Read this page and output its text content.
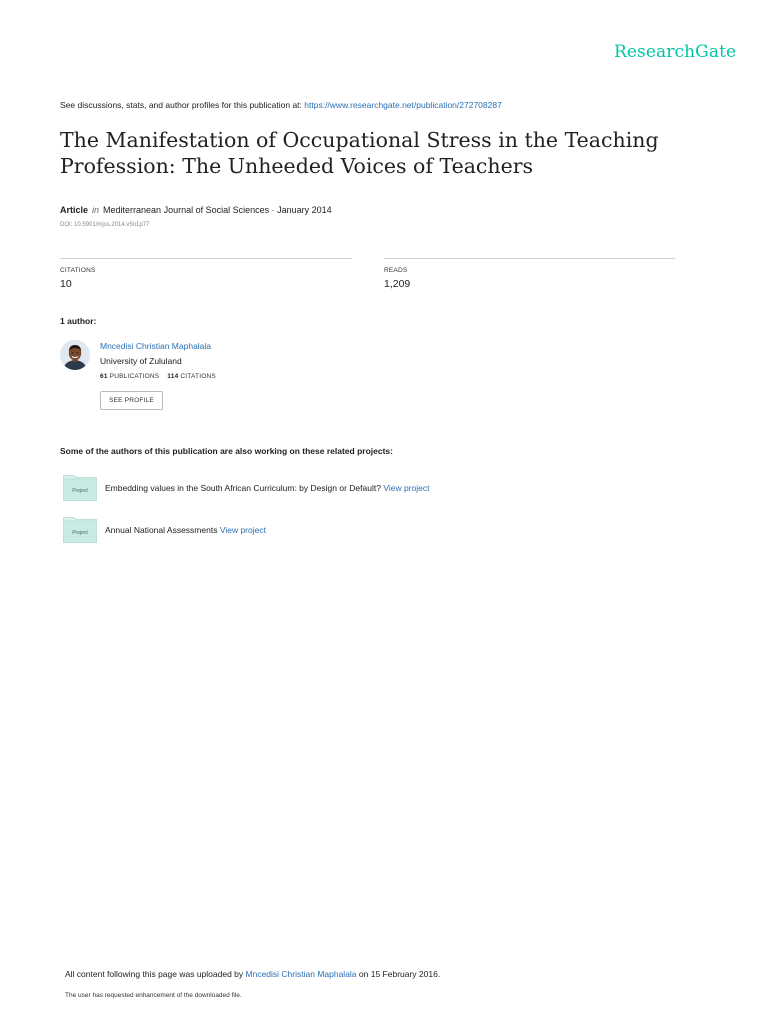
ResearchGate
See discussions, stats, and author profiles for this publication at: https://www.researchgate.net/publication/272708287
The Manifestation of Occupational Stress in the Teaching
Profession: The Unheeded Voices of Teachers
Article in Mediterranean Journal of Social Sciences · January 2014
DOI: 10.5901/mjss.2014.v5n1p77
CITATIONS
10
READS
1,209
1 author:
Mncedisi Christian Maphalala
University of Zululand
61 PUBLICATIONS 114 CITATIONS
SEE PROFILE
Some of the authors of this publication are also working on these related projects:
Project Embedding values in the South African Curriculum: by Design or Default? View project
Project Annual National Assessments View project
All content following this page was uploaded by Mncedisi Christian Maphalala on 15 February 2016.
The user has requested enhancement of the downloaded file.
